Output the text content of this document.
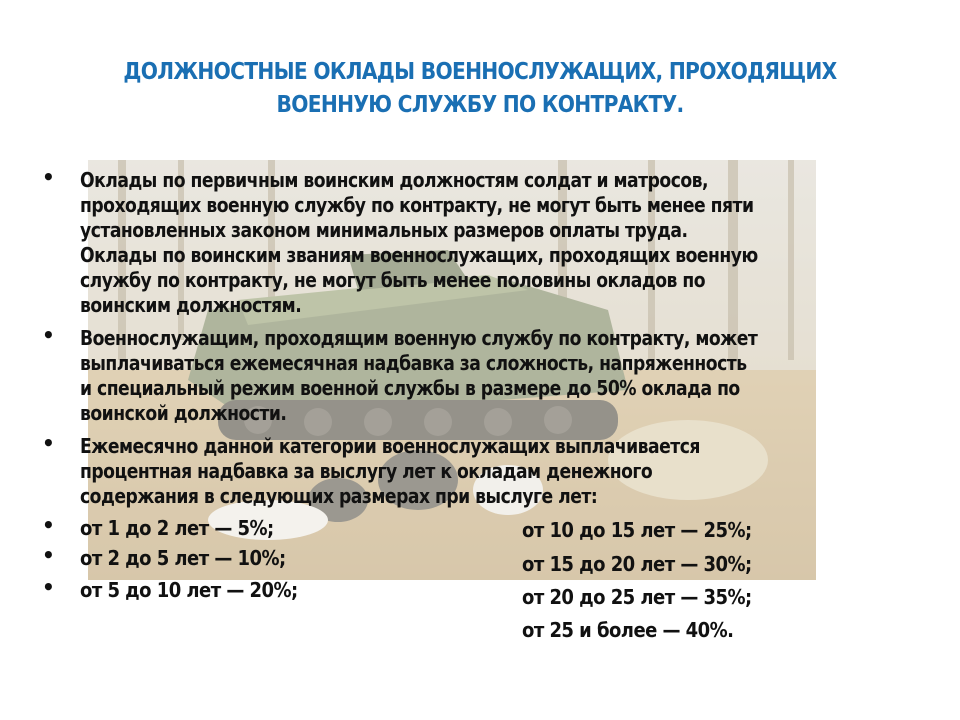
ДОЛЖНОСТНЫЕ ОКЛАДЫ ВОЕННОСЛУЖАЩИХ, ПРОХОДЯЩИХ
ВОЕННУЮ СЛУЖБУ ПО КОНТРАКТУ.
• Оклады по первичным воинским должностям солдат и матросов,
проходящих военную службу по контракту, не могут быть менее пяти
установленных законом минимальных размеров оплаты труда.
Оклады по воинским званиям военнослужащих, проходящих военную
службу по контракту, не могут быть менее половины окладов по
воинским должностям.
• Военнослужащим, проходящим военную службу по контракту, может
выплачиваться ежемесячная надбавка за сложность, напряженность
и специальный режим военной службы в размере до 50% оклада по
воинской должности.
• Ежемесячно данной категории военнослужащих выплачивается
процентная надбавка за выслугу лет к окладам денежного
содержания в следующих размерах при выслуге лет:
• от 1 до 2 лет — 5%;
• от 2 до 5 лет — 10%;
• от 5 до 10 лет — 20%;
от 10 до 15 лет — 25%;
от 15 до 20 лет — 30%;
от 20 до 25 лет — 35%;
от 25 и более — 40%.
